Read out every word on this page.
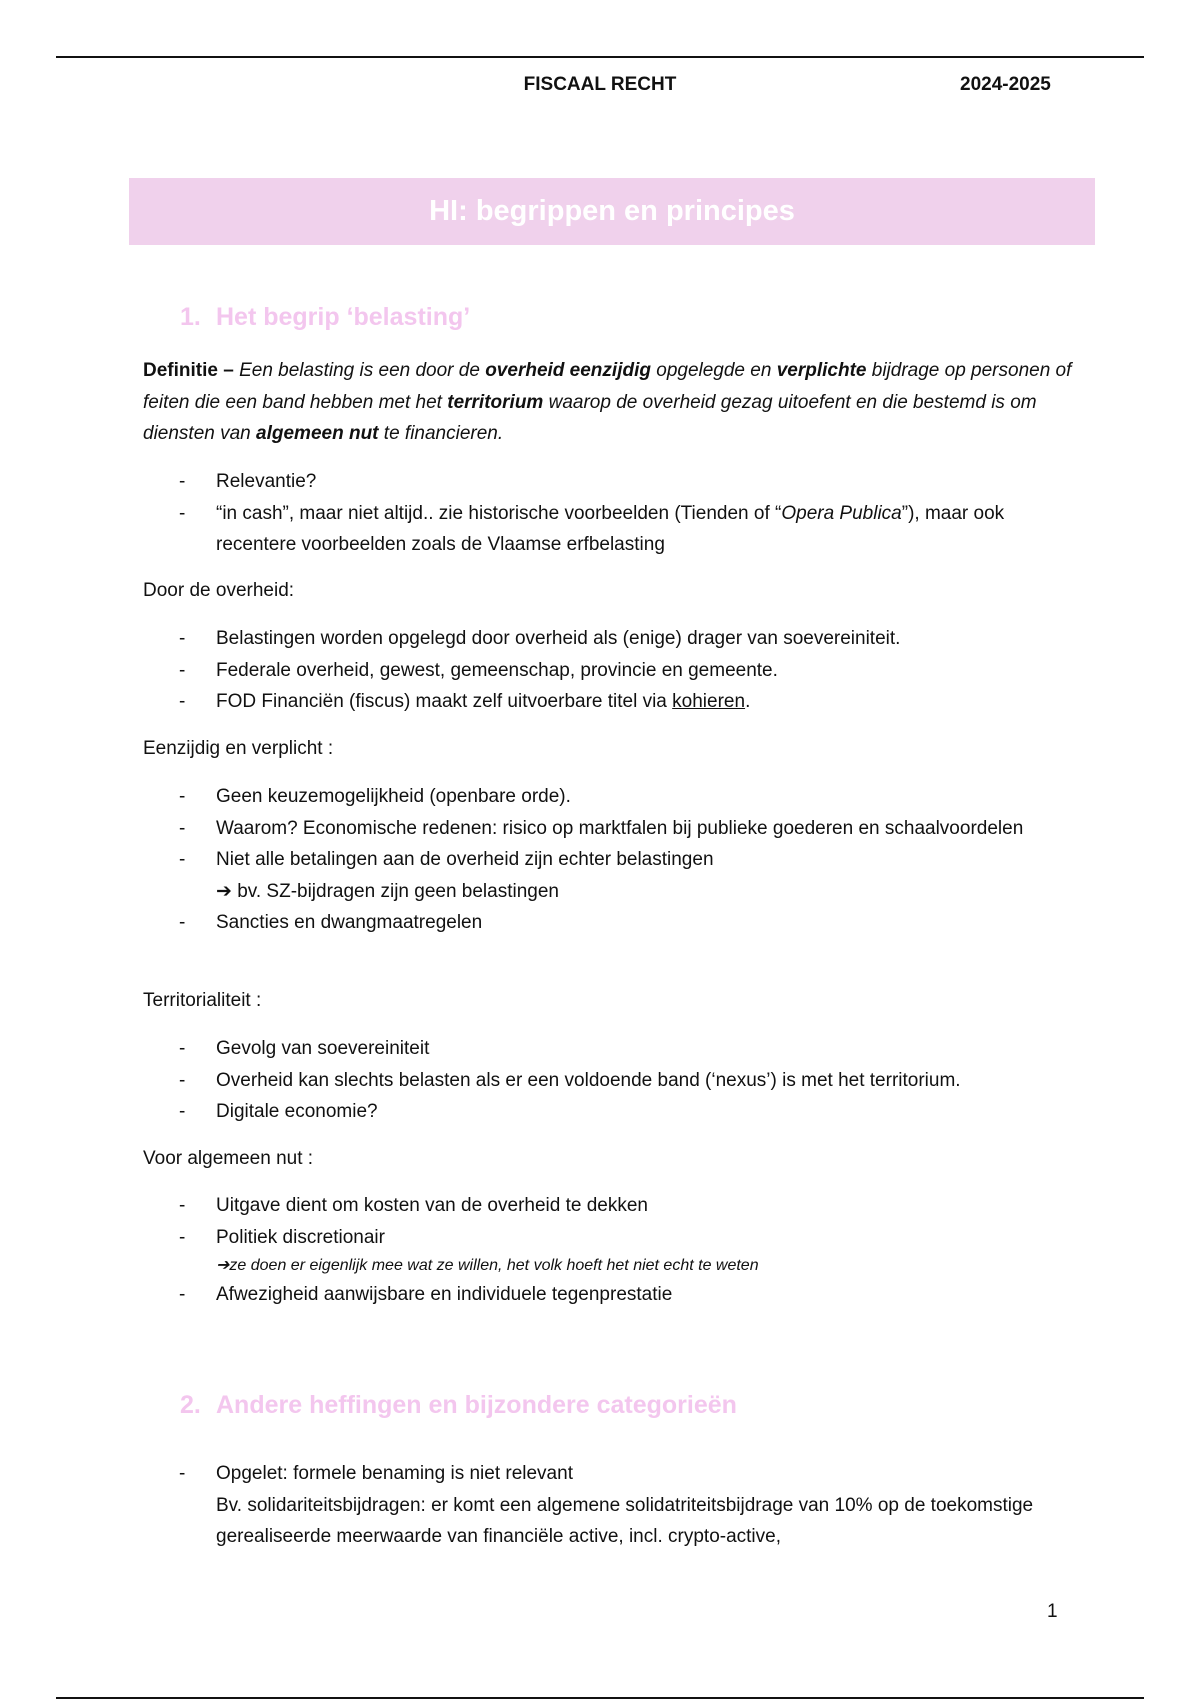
FISCAAL RECHT	2024-2025
HI: begrippen en principes
1. Het begrip ‘belasting’
Definitie – Een belasting is een door de overheid eenzijdig opgelegde en verplichte bijdrage op personen of feiten die een band hebben met het territorium waarop de overheid gezag uitoefent en die bestemd is om diensten van algemeen nut te financieren.
- Relevantie?
- “in cash”, maar niet altijd.. zie historische voorbeelden (Tienden of “Opera Publica”), maar ook recentere voorbeelden zoals de Vlaamse erfbelasting
Door de overheid:
- Belastingen worden opgelegd door overheid als (enige) drager van soevereiniteit.
- Federale overheid, gewest, gemeenschap, provincie en gemeente.
- FOD Financiën (fiscus) maakt zelf uitvoerbare titel via kohieren.
Eenzijdig en verplicht :
- Geen keuzemogelijkheid (openbare orde).
- Waarom? Economische redenen: risico op marktfalen bij publieke goederen en schaalvoordelen
- Niet alle betalingen aan de overheid zijn echter belastingen
➔ bv. SZ-bijdragen zijn geen belastingen
- Sancties en dwangmaatregelen
Territorialiteit :
- Gevolg van soevereiniteit
- Overheid kan slechts belasten als er een voldoende band (‘nexus’) is met het territorium.
- Digitale economie?
Voor algemeen nut :
- Uitgave dient om kosten van de overheid te dekken
- Politiek discretionair
➔ze doen er eigenlijk mee wat ze willen, het volk hoeft het niet echt te weten
- Afwezigheid aanwijsbare en individuele tegenprestatie
2. Andere heffingen en bijzondere categorieën
- Opgelet: formele benaming is niet relevant
Bv. solidariteitsbijdragen: er komt een algemene solidatriteitsbijdrage van 10% op de toekomstige gerealiseerde meerwaarde van financiële active, incl. crypto-active,
1
